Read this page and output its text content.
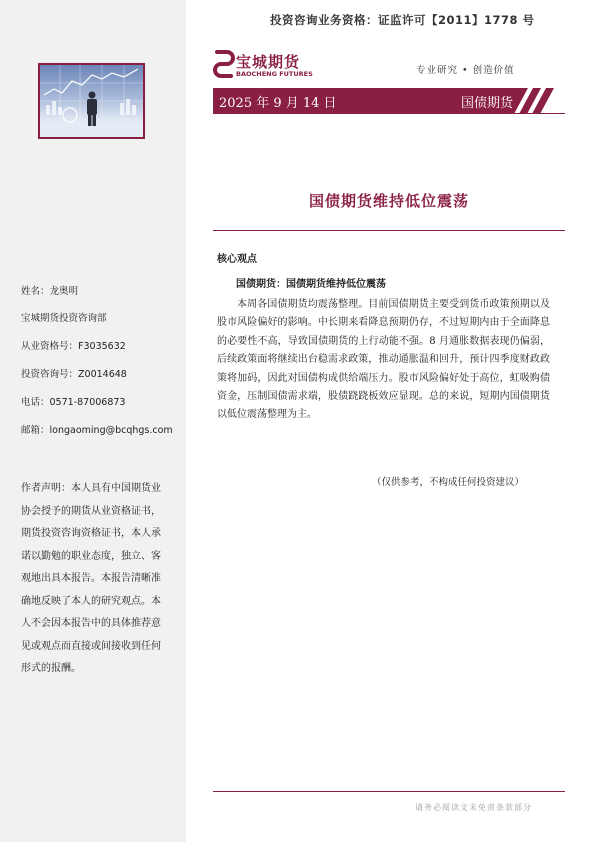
姓名：龙奥明
宝城期货投资咨询部
从业资格号：F3035632
投资咨询号：Z0014648
电话：0571-87006873
邮箱：longaoming@bcqhgs.com
作者声明：本人具有中国期货业协会授予的期货从业资格证书，期货投资咨询资格证书，本人承诺以勤勉的职业态度，独立、客观地出具本报告。本报告清晰准确地反映了本人的研究观点。本人不会因本报告中的具体推荐意见或观点而直接或间接收到任何形式的报酬。
投资咨询业务资格：证监许可【2011】1778 号
宝城期货
BAOCHENG FUTURES	专业研究 • 创造价值
2025 年 9 月 14 日	国债期货
国债期货维持低位震荡
核心观点
国债期货：国债期货维持低位震荡
本周各国债期货均震荡整理。目前国债期货主要受到货币政策预期以及股市风险偏好的影响。中长期来看降息预期仍存，不过短期内由于全面降息的必要性不高，导致国债期货的上行动能不强。8 月通胀数据表现仍偏弱，后续政策面将继续出台稳需求政策，推动通胀温和回升，预计四季度财政政策将加码，因此对国债构成供给端压力。股市风险偏好处于高位，虹吸购债资金，压制国债需求端，股债跷跷板效应显现。总的来说，短期内国债期货以低位震荡整理为主。
（仅供参考，不构成任何投资建议）
请务必阅读文末免责条款部分
